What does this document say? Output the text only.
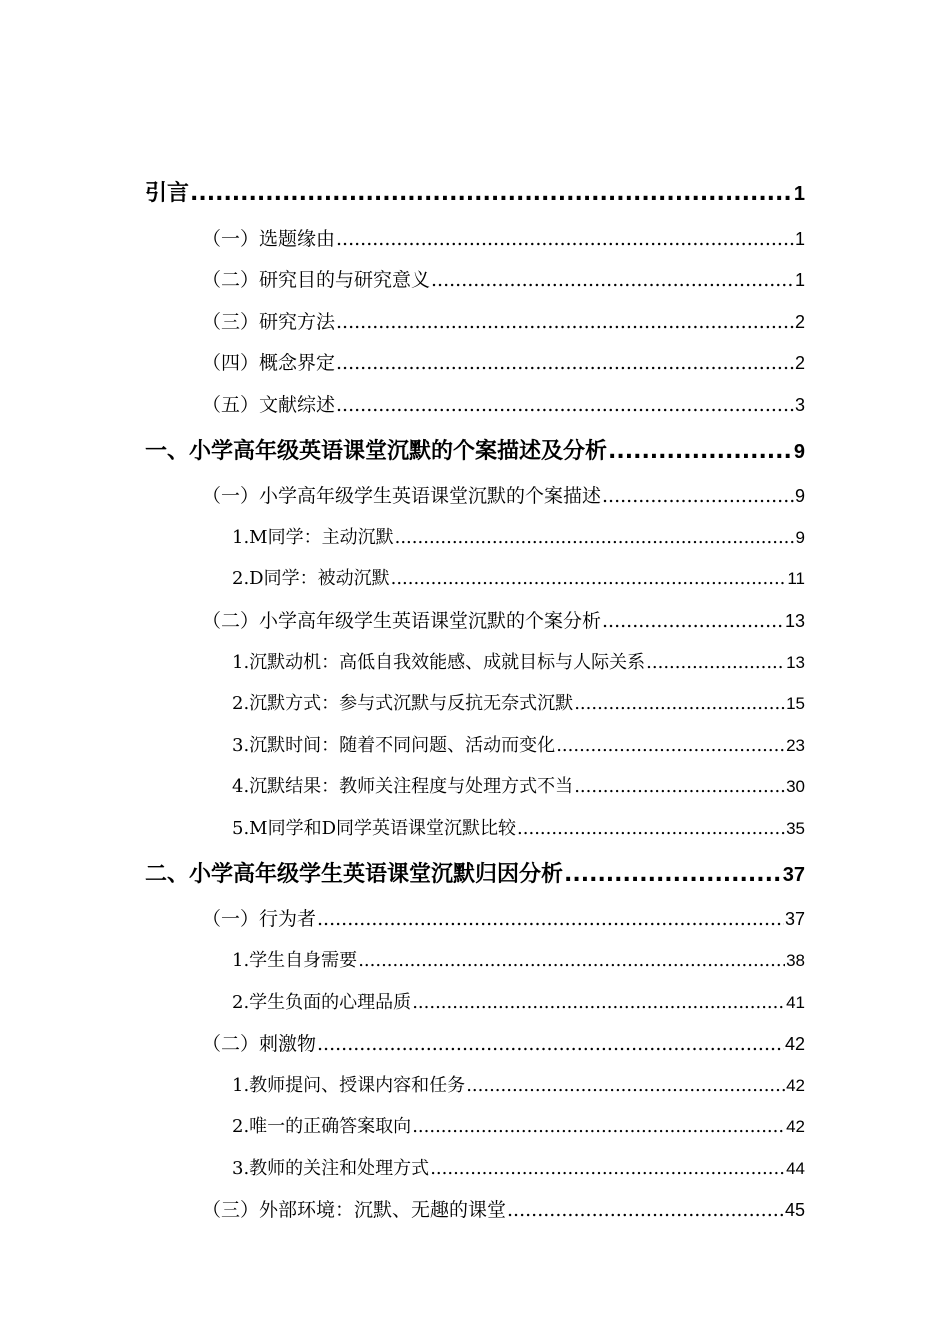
引言 .....	1
（一）选题缘由 .....	1
（二）研究目的与研究意义 .....	1
（三）研究方法 .....	2
（四）概念界定 .....	2
（五）文献综述 .....	3
一、小学高年级英语课堂沉默的个案描述及分析 .....	9
（一）小学高年级学生英语课堂沉默的个案描述 .....	9
1.M同学：主动沉默 .....	9
2.D同学：被动沉默 .....	11
（二）小学高年级学生英语课堂沉默的个案分析 .....	13
1.沉默动机：高低自我效能感、成就目标与人际关系 .....	13
2.沉默方式：参与式沉默与反抗无奈式沉默 .....	15
3.沉默时间：随着不同问题、活动而变化 .....	23
4.沉默结果：教师关注程度与处理方式不当 .....	30
5.M同学和D同学英语课堂沉默比较 .....	35
二、小学高年级学生英语课堂沉默归因分析 .....	37
（一）行为者 .....	37
1.学生自身需要 .....	38
2.学生负面的心理品质 .....	41
（二）刺激物 .....	42
1.教师提问、授课内容和任务 .....	42
2.唯一的正确答案取向 .....	42
3.教师的关注和处理方式 .....	44
（三）外部环境：沉默、无趣的课堂 .....	45
